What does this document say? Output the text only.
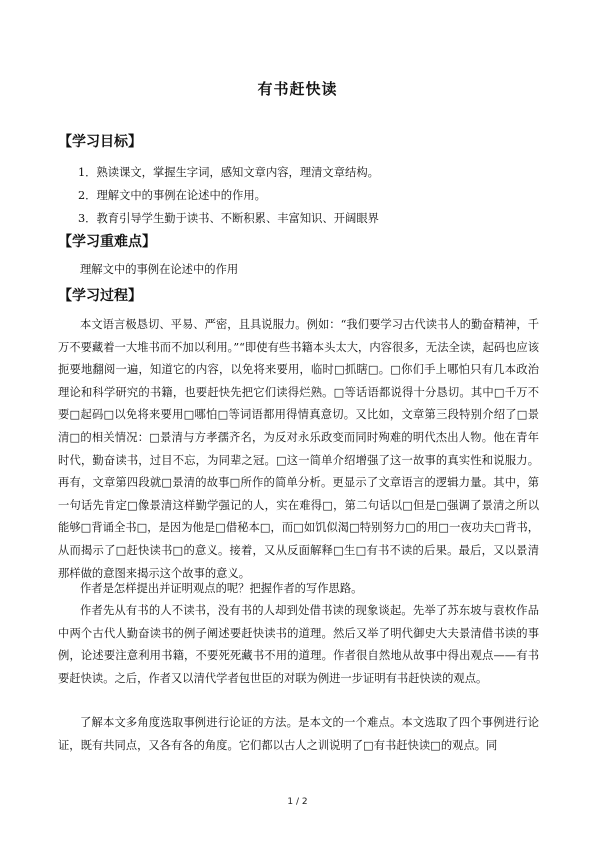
有书赶快读
【学习目标】
1．熟读课文，掌握生字词，感知文章内容，理清文章结构。
2．理解文中的事例在论述中的作用。
3．教育引导学生勤于读书、不断积累、丰富知识、开阔眼界
【学习重难点】
理解文中的事例在论述中的作用
【学习过程】

本文语言极恳切、平易、严密，且具说服力。例如：“我们要学习古代读书人的勤奋精神，千万不要藏着一大堆书而不加以利用。”“即使有些书籍本头太大，内容很多，无法全读，起码也应该扼要地翻阅一遍，知道它的内容，以免将来要用，临时□抓瞎□。□你们手上哪怕只有几本政治理论和科学研究的书籍，也要赶快先把它们读得烂熟。□等话语都说得十分恳切。其中□千万不要□起码□以免将来要用□哪怕□等词语都用得情真意切。又比如，文章第三段特别介绍了□景清□的相关情况：□景清与方孝孺齐名，为反对永乐政变而同时殉难的明代杰出人物。他在青年时代，勤奋读书，过目不忘，为同辈之冠。□这一简单介绍增强了这一故事的真实性和说服力。再有，文章第四段就□景清的故事□所作的简单分析。更显示了文章语言的逻辑力量。其中，第一句话先肯定□像景清这样勤学强记的人，实在难得□，第二句话以□但是□强调了景清之所以能够□背诵全书□，是因为他是□借秘本□，而□如饥似渴□特别努力□的用□一夜功夫□背书，从而揭示了□赶快读书□的意义。接着，又从反面解释□生□有书不读的后果。最后，又以景清那样做的意图来揭示这个故事的意义。

作者是怎样提出并证明观点的呢？把握作者的写作思路。

作者先从有书的人不读书，没有书的人却到处借书读的现象谈起。先举了苏东坡与袁枚作品中两个古代人勤奋读书的例子阐述要赶快读书的道理。然后又举了明代御史大夫景清借书读的事例，论述要注意利用书籍，不要死死藏书不用的道理。作者很自然地从故事中得出观点——有书要赶快读。之后，作者又以清代学者包世臣的对联为例进一步证明有书赶快读的观点。

了解本文多角度选取事例进行论证的方法。是本文的一个难点。本文选取了四个事例进行论证，既有共同点，又各有各的角度。它们都以古人之训说明了□有书赶快读□的观点。同

1 / 2
